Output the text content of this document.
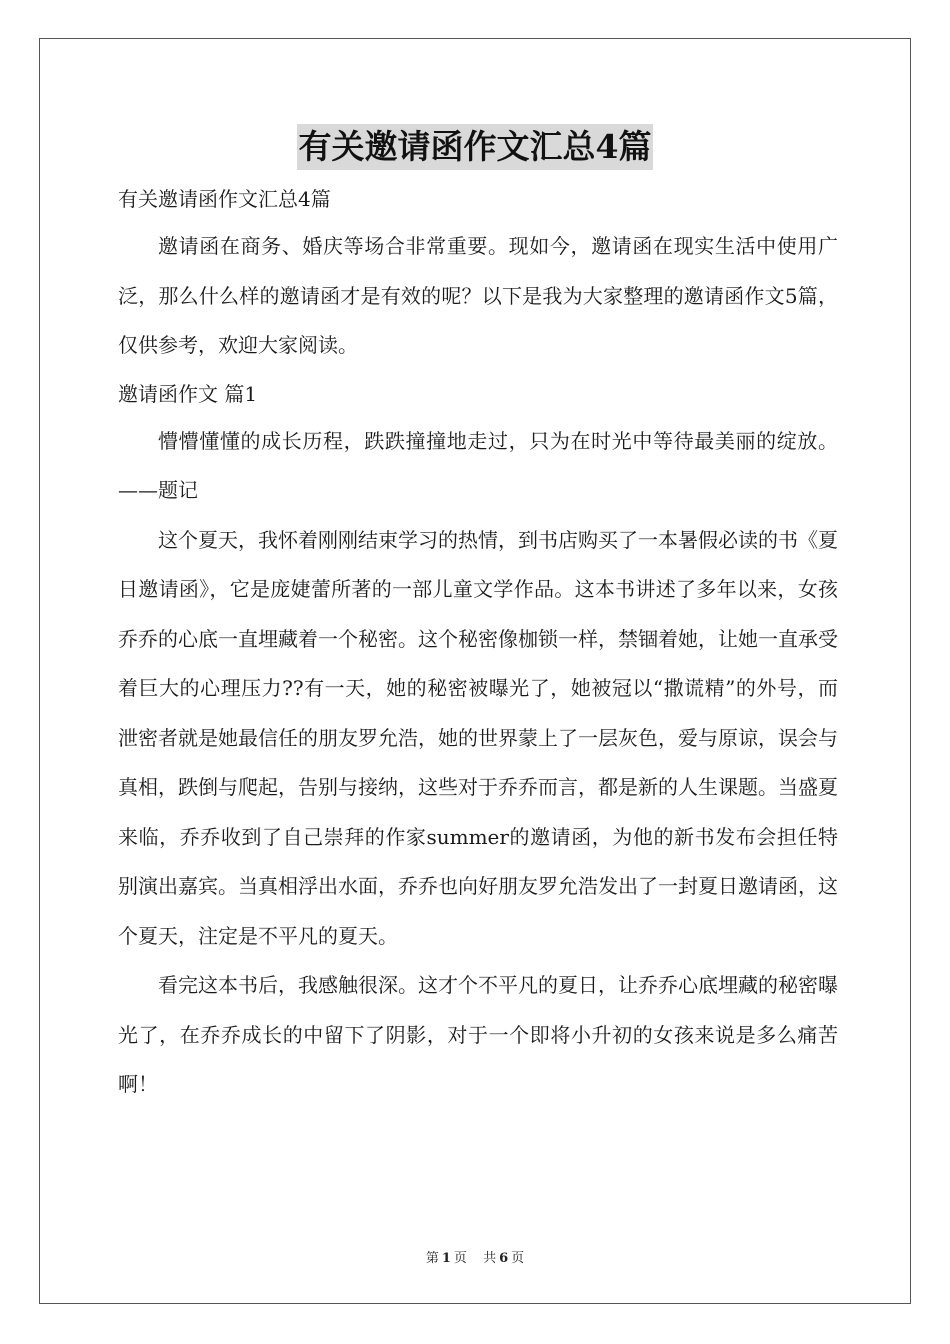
有关邀请函作文汇总4篇

有关邀请函作文汇总4篇

邀请函在商务、婚庆等场合非常重要。现如今，邀请函在现实生活中使用广泛，那么什么样的邀请函才是有效的呢？以下是我为大家整理的邀请函作文5篇，仅供参考，欢迎大家阅读。

邀请函作文 篇1

懵懵懂懂的成长历程，跌跌撞撞地走过，只为在时光中等待最美丽的绽放。 ——题记

这个夏天，我怀着刚刚结束学习的热情，到书店购买了一本暑假必读的书《夏日邀请函》，它是庞婕蕾所著的一部儿童文学作品。这本书讲述了多年以来，女孩乔乔的心底一直埋藏着一个秘密。这个秘密像枷锁一样，禁锢着她，让她一直承受着巨大的心理压力??有一天，她的秘密被曝光了，她被冠以“撒谎精”的外号，而泄密者就是她最信任的朋友罗允浩，她的世界蒙上了一层灰色，爱与原谅，误会与真相，跌倒与爬起，告别与接纳，这些对于乔乔而言，都是新的人生课题。当盛夏来临，乔乔收到了自己崇拜的作家summer的邀请函，为他的新书发布会担任特别演出嘉宾。当真相浮出水面，乔乔也向好朋友罗允浩发出了一封夏日邀请函，这个夏天，注定是不平凡的夏天。

看完这本书后，我感触很深。这才个不平凡的夏日，让乔乔心底埋藏的秘密曝光了，在乔乔成长的中留下了阴影，对于一个即将小升初的女孩来说是多么痛苦啊！

第 1 页 共 6 页
